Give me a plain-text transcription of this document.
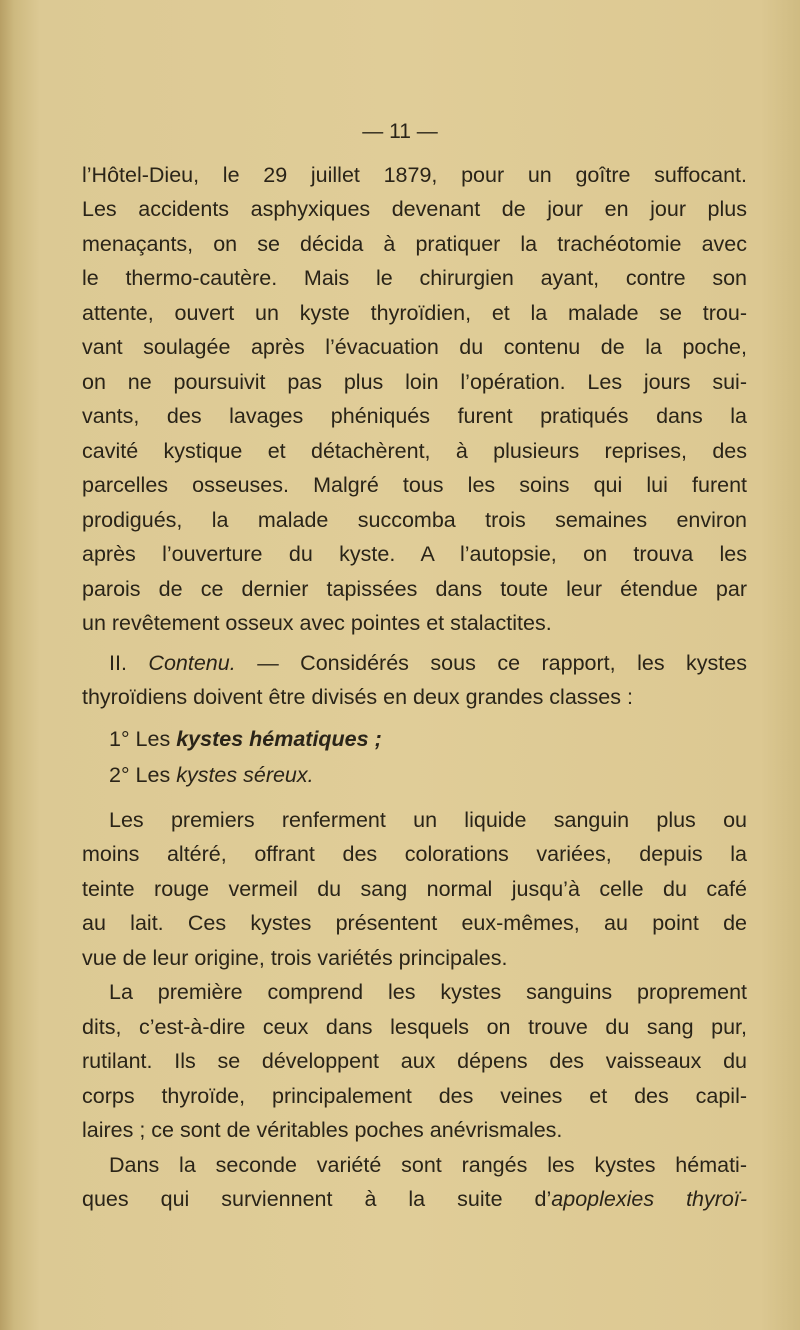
— 11 —
l’Hôtel-Dieu, le 29 juillet 1879, pour un goître suffocant.
Les accidents asphyxiques devenant de jour en jour plus
menaçants, on se décida à pratiquer la trachéotomie avec
le thermo-cautère. Mais le chirurgien ayant, contre son
attente, ouvert un kyste thyroïdien, et la malade se trou-
vant soulagée après l’évacuation du contenu de la poche,
on ne poursuivit pas plus loin l’opération. Les jours sui-
vants, des lavages phéniqués furent pratiqués dans la
cavité kystique et détachèrent, à plusieurs reprises, des
parcelles osseuses. Malgré tous les soins qui lui furent
prodigués, la malade succomba trois semaines environ
après l’ouverture du kyste. A l’autopsie, on trouva les
parois de ce dernier tapissées dans toute leur étendue par
un revêtement osseux avec pointes et stalactites.
II. Contenu. — Considérés sous ce rapport, les kystes
thyroïdiens doivent être divisés en deux grandes classes :
1° Les kystes hématiques ;
2° Les kystes séreux.
Les premiers renferment un liquide sanguin plus ou
moins altéré, offrant des colorations variées, depuis la
teinte rouge vermeil du sang normal jusqu’à celle du café
au lait. Ces kystes présentent eux-mêmes, au point de
vue de leur origine, trois variétés principales.
La première comprend les kystes sanguins proprement
dits, c’est-à-dire ceux dans lesquels on trouve du sang pur,
rutilant. Ils se développent aux dépens des vaisseaux du
corps thyroïde, principalement des veines et des capil-
laires ; ce sont de véritables poches anévrismales.
Dans la seconde variété sont rangés les kystes hémati-
ques qui surviennent à la suite d’apoplexies thyroï-
